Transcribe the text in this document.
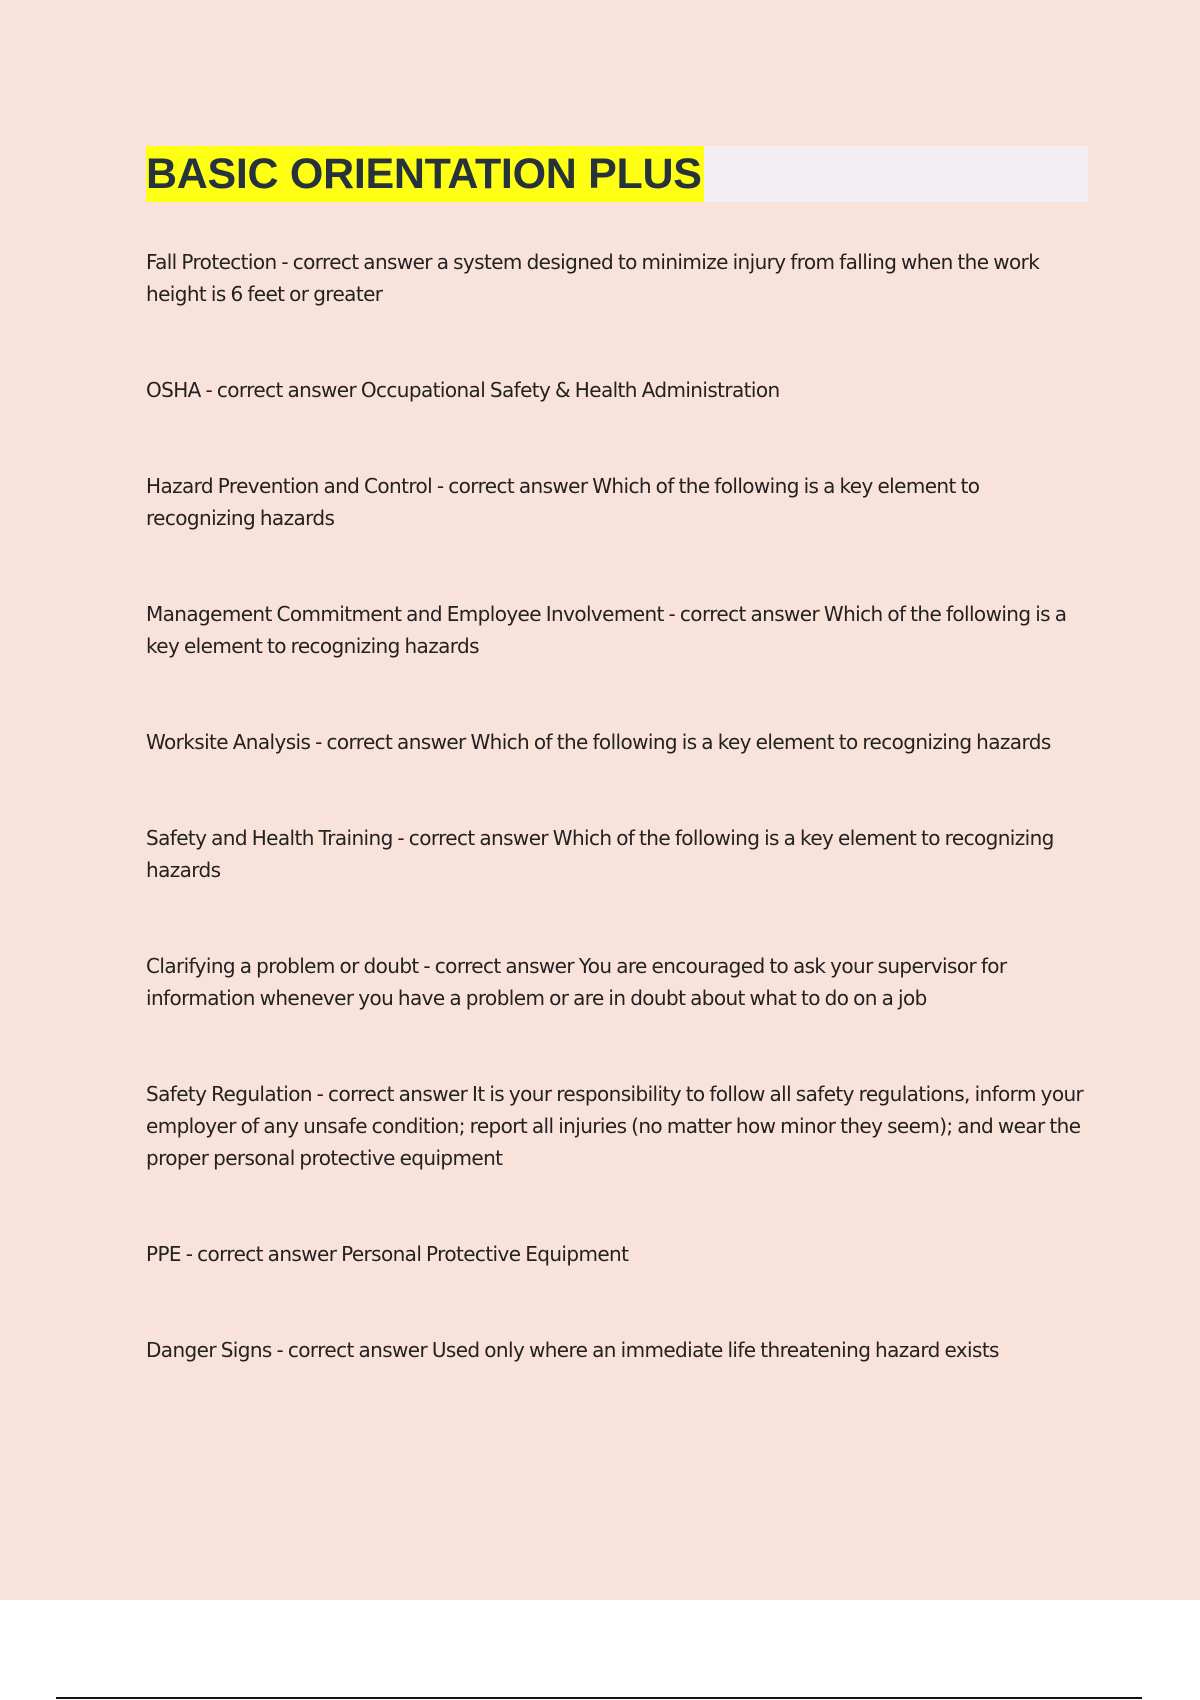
BASIC ORIENTATION PLUS

Fall Protection - correct answer a system designed to minimize injury from falling when the work height is 6 feet or greater

OSHA - correct answer Occupational Safety & Health Administration

Hazard Prevention and Control - correct answer Which of the following is a key element to recognizing hazards

Management Commitment and Employee Involvement - correct answer Which of the following is a key element to recognizing hazards

Worksite Analysis - correct answer Which of the following is a key element to recognizing hazards

Safety and Health Training - correct answer Which of the following is a key element to recognizing hazards

Clarifying a problem or doubt - correct answer You are encouraged to ask your supervisor for information whenever you have a problem or are in doubt about what to do on a job

Safety Regulation - correct answer It is your responsibility to follow all safety regulations, inform your employer of any unsafe condition; report all injuries (no matter how minor they seem); and wear the proper personal protective equipment

PPE - correct answer Personal Protective Equipment

Danger Signs - correct answer Used only where an immediate life threatening hazard exists
